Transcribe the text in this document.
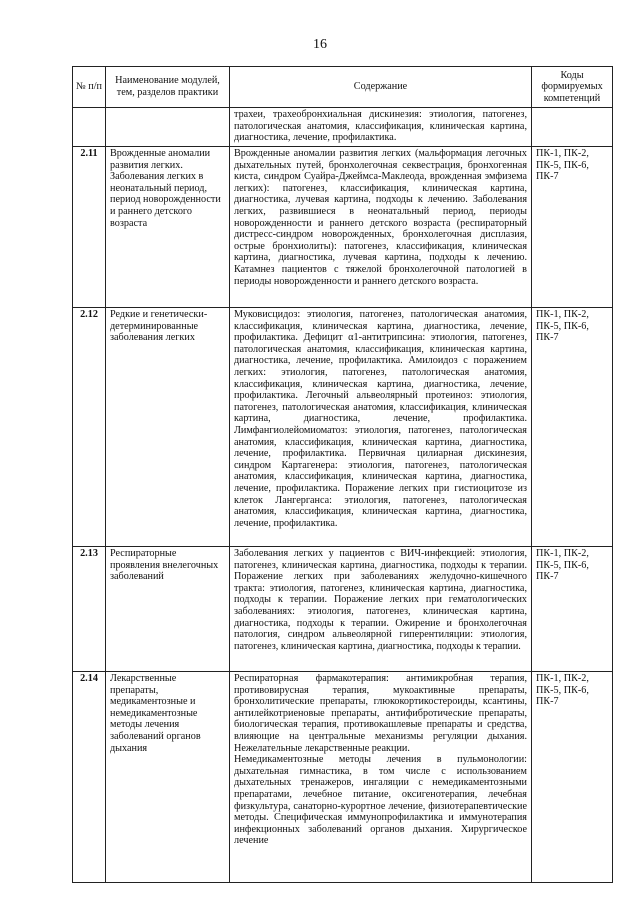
16
№ п/п	Наименование модулей, тем, разделов практики	Содержание	Коды формируемых компетенций
		трахеи, трахеобронхиальная дискинезия: этиология, патогенез, патологическая анатомия, классификация, клиническая картина, диагностика, лечение, профилактика.	
2.11	Врожденные аномалии развития легких. Заболевания легких в неонатальный период, период новорожденности и раннего детского возраста	Врожденные аномалии развития легких (мальформация легочных дыхательных путей, бронхолегочная секвестрация, бронхогенная киста, синдром Суайра-Джеймса-Маклеода, врожденная эмфизема легких): патогенез, классификация, клиническая картина, диагностика, лучевая картина, подходы к лечению. Заболевания легких, развившиеся в неонатальный период, периоды новорожденности и раннего детского возраста (респираторный дистресс-синдром новорожденных, бронхолегочная дисплазия, острые бронхиолиты): патогенез, классификация, клиническая картина, диагностика, лучевая картина, подходы к лечению. Катамнез пациентов с тяжелой бронхолегочной патологией в периоды новорожденности и раннего детского возраста.	ПК-1, ПК-2, ПК-5, ПК-6, ПК-7
2.12	Редкие и генетически-детерминированные заболевания легких	Муковисцидоз: этиология, патогенез, патологическая анатомия, классификация, клиническая картина, диагностика, лечение, профилактика. Дефицит α1-антитрипсина: этиология, патогенез, патологическая анатомия, классификация, клиническая картина, диагностика, лечение, профилактика. Амилоидоз с поражением легких: этиология, патогенез, патологическая анатомия, классификация, клиническая картина, диагностика, лечение, профилактика. Легочный альвеолярный протеиноз: этиология, патогенез, патологическая анатомия, классификация, клиническая картина, диагностика, лечение, профилактика. Лимфангиолейомиоматоз: этиология, патогенез, патологическая анатомия, классификация, клиническая картина, диагностика, лечение, профилактика. Первичная цилиарная дискинезия, синдром Картагенера: этиология, патогенез, патологическая анатомия, классификация, клиническая картина, диагностика, лечение, профилактика. Поражение легких при гистиоцитозе из клеток Лангерганса: этиология, патогенез, патологическая анатомия, классификация, клиническая картина, диагностика, лечение, профилактика.	ПК-1, ПК-2, ПК-5, ПК-6, ПК-7
2.13	Респираторные проявления внелегочных заболеваний	Заболевания легких у пациентов с ВИЧ-инфекцией: этиология, патогенез, клиническая картина, диагностика, подходы к терапии. Поражение легких при заболеваниях желудочно-кишечного тракта: этиология, патогенез, клиническая картина, диагностика, подходы к терапии. Поражение легких при гематологических заболеваниях: этиология, патогенез, клиническая картина, диагностика, подходы к терапии. Ожирение и бронхолегочная патология, синдром альвеолярной гиперентиляции: этиология, патогенез, клиническая картина, диагностика, подходы к терапии.	ПК-1, ПК-2, ПК-5, ПК-6, ПК-7
2.14	Лекарственные препараты, медикаментозные и немедикаментозные методы лечения заболеваний органов дыхания	Респираторная фармакотерапия: антимикробная терапия, противовирусная терапия, мукоактивные препараты, бронхолитические препараты, глюкокортикостероиды, ксантины, антилейкотриеновые препараты, антифибротические препараты, биологическая терапия, противокашлевые препараты и средства, влияющие на центральные механизмы регуляции дыхания. Нежелательные лекарственные реакции.
Немедикаментозные методы лечения в пульмонологии: дыхательная гимнастика, в том числе с использованием дыхательных тренажеров, ингаляции с немедикаментозными препаратами, лечебное питание, оксигенотерапия, лечебная физкультура, санаторно-курортное лечение, физиотерапевтические методы. Специфическая иммунопрофилактика и иммунотерапия инфекционных заболеваний органов дыхания. Хирургическое лечение	ПК-1, ПК-2, ПК-5, ПК-6, ПК-7
